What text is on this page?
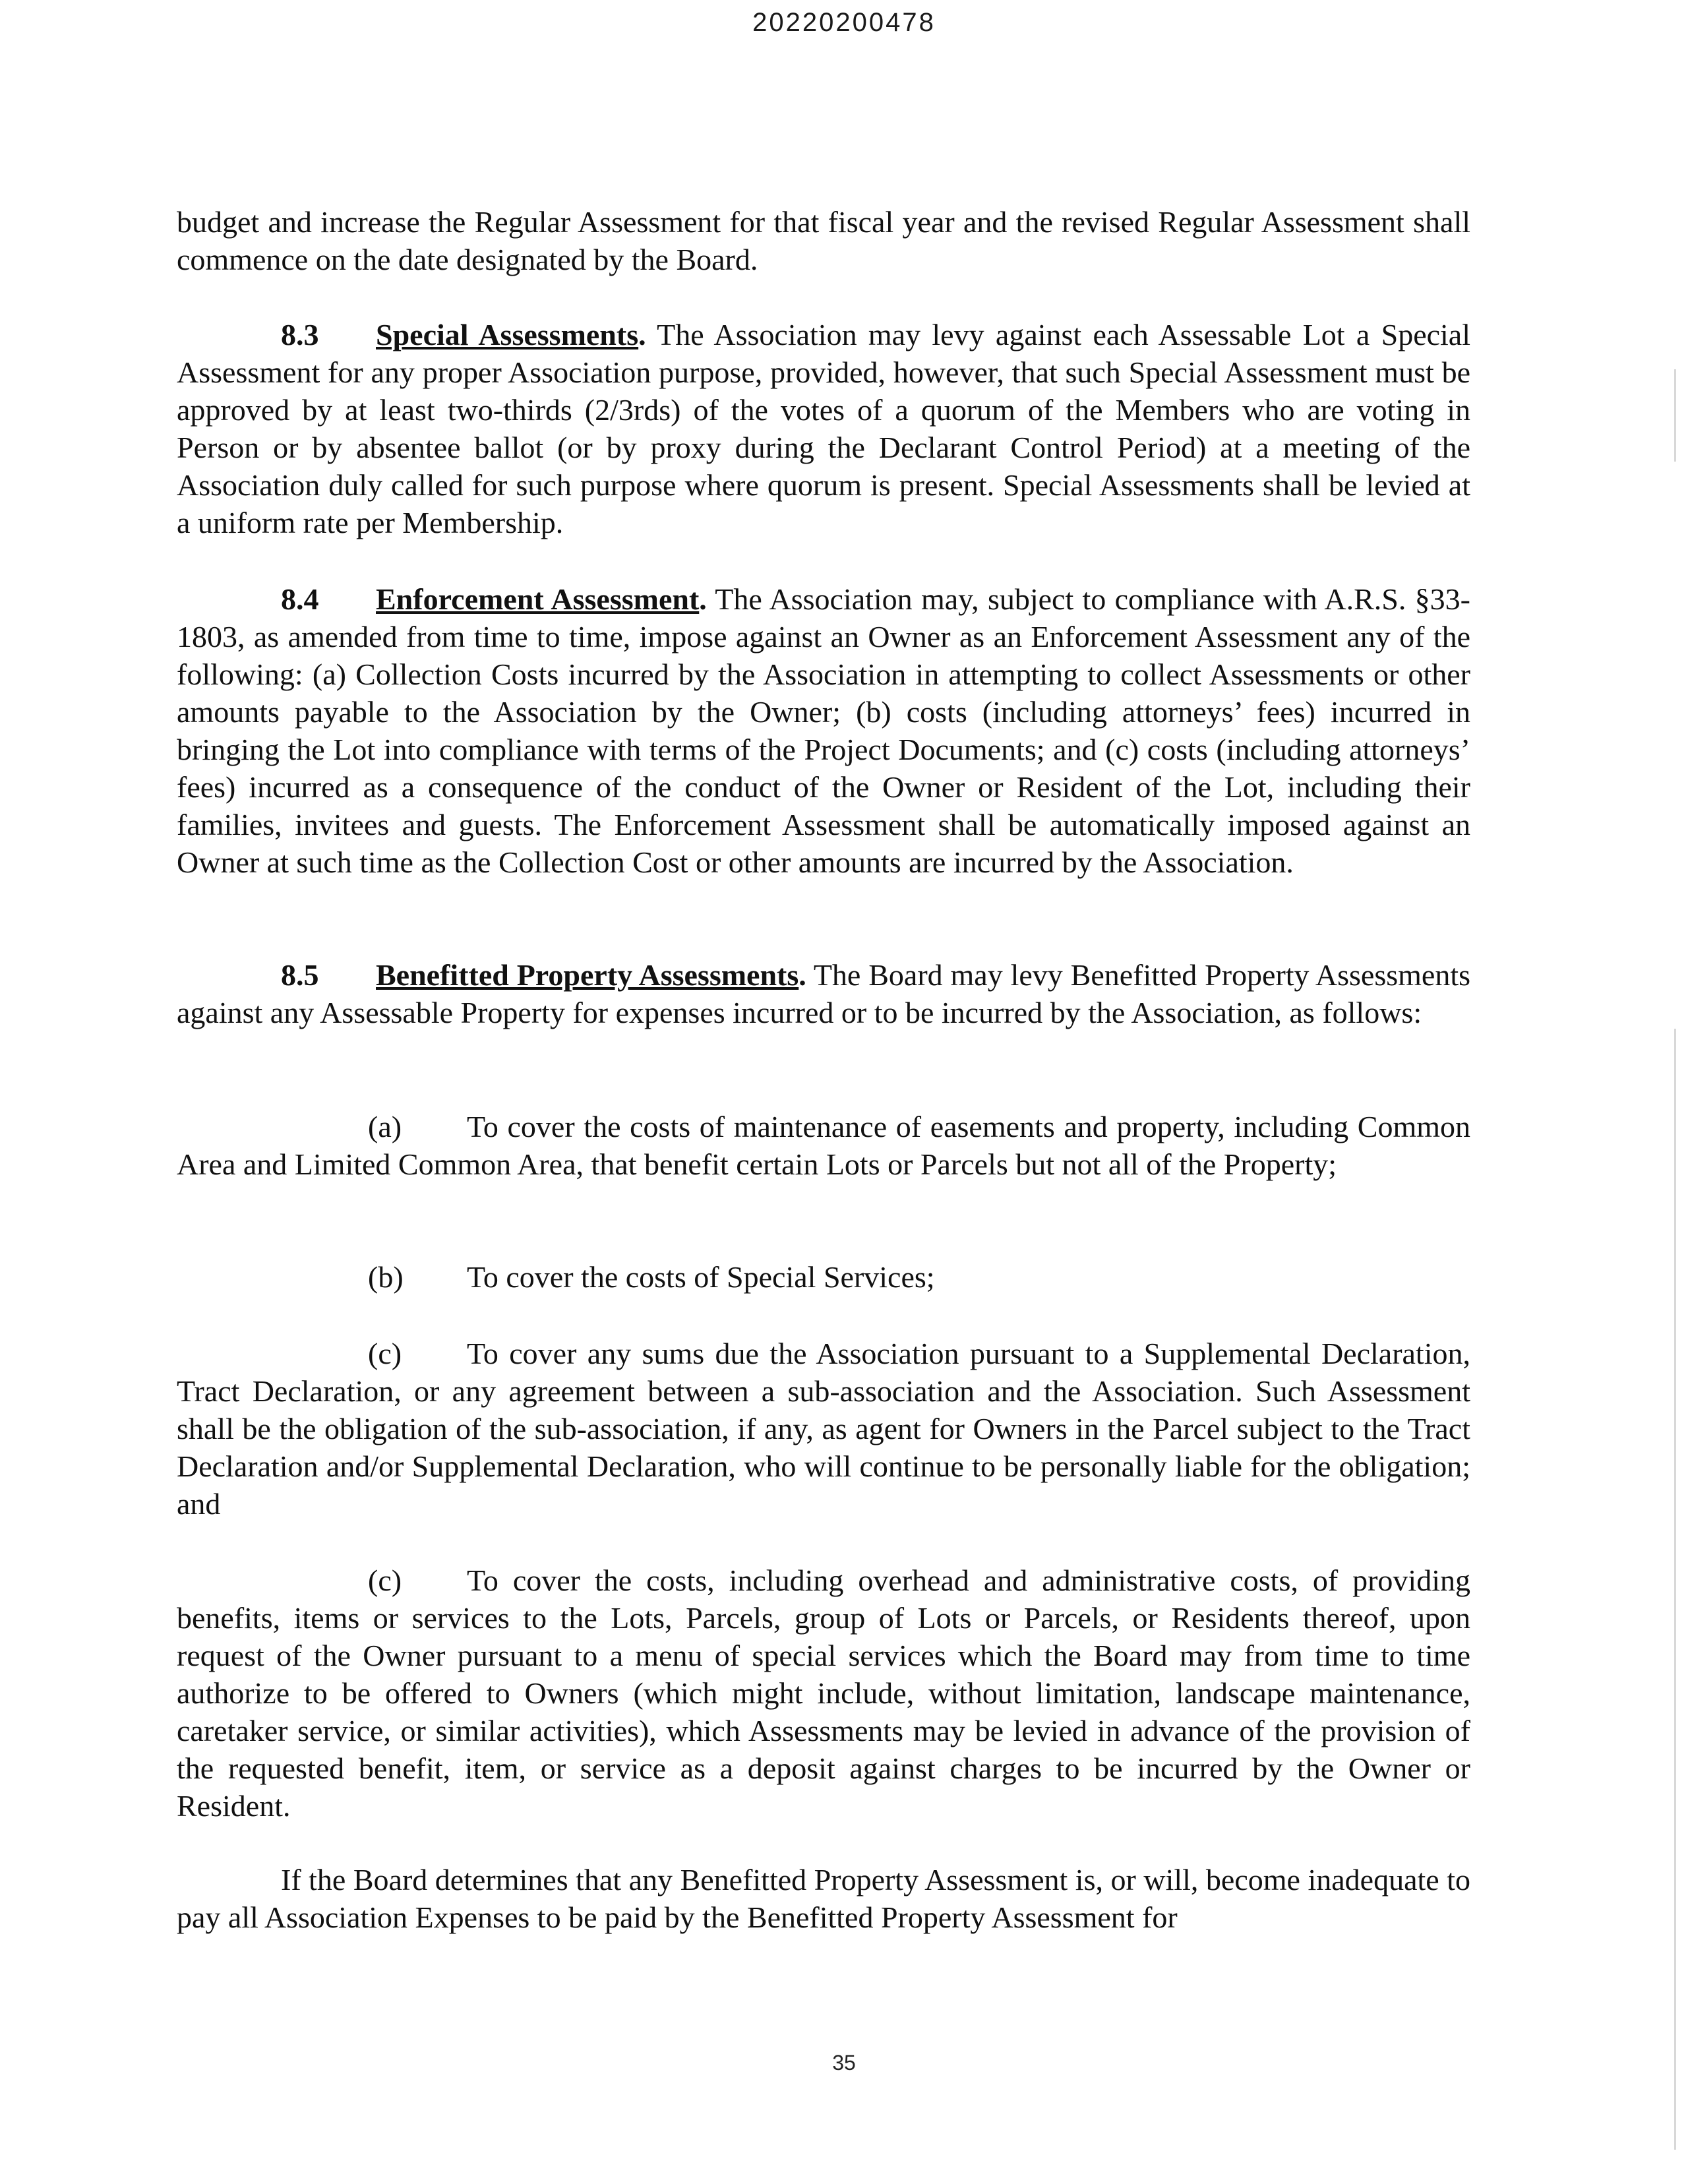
20220200478

budget and increase the Regular Assessment for that fiscal year and the revised Regular Assessment shall commence on the date designated by the Board.

8.3 Special Assessments. The Association may levy against each Assessable Lot a Special Assessment for any proper Association purpose, provided, however, that such Special Assessment must be approved by at least two-thirds (2/3rds) of the votes of a quorum of the Members who are voting in Person or by absentee ballot (or by proxy during the Declarant Control Period) at a meeting of the Association duly called for such purpose where quorum is present. Special Assessments shall be levied at a uniform rate per Membership.

8.4 Enforcement Assessment. The Association may, subject to compliance with A.R.S. §33-1803, as amended from time to time, impose against an Owner as an Enforcement Assessment any of the following: (a) Collection Costs incurred by the Association in attempting to collect Assessments or other amounts payable to the Association by the Owner; (b) costs (including attorneys’ fees) incurred in bringing the Lot into compliance with terms of the Project Documents; and (c) costs (including attorneys’ fees) incurred as a consequence of the conduct of the Owner or Resident of the Lot, including their families, invitees and guests. The Enforcement Assessment shall be automatically imposed against an Owner at such time as the Collection Cost or other amounts are incurred by the Association.

8.5 Benefitted Property Assessments. The Board may levy Benefitted Property Assessments against any Assessable Property for expenses incurred or to be incurred by the Association, as follows:

(a) To cover the costs of maintenance of easements and property, including Common Area and Limited Common Area, that benefit certain Lots or Parcels but not all of the Property;

(b) To cover the costs of Special Services;

(c) To cover any sums due the Association pursuant to a Supplemental Declaration, Tract Declaration, or any agreement between a sub-association and the Association. Such Assessment shall be the obligation of the sub-association, if any, as agent for Owners in the Parcel subject to the Tract Declaration and/or Supplemental Declaration, who will continue to be personally liable for the obligation; and

(c) To cover the costs, including overhead and administrative costs, of providing benefits, items or services to the Lots, Parcels, group of Lots or Parcels, or Residents thereof, upon request of the Owner pursuant to a menu of special services which the Board may from time to time authorize to be offered to Owners (which might include, without limitation, landscape maintenance, caretaker service, or similar activities), which Assessments may be levied in advance of the provision of the requested benefit, item, or service as a deposit against charges to be incurred by the Owner or Resident.

If the Board determines that any Benefitted Property Assessment is, or will, become inadequate to pay all Association Expenses to be paid by the Benefitted Property Assessment for

35
